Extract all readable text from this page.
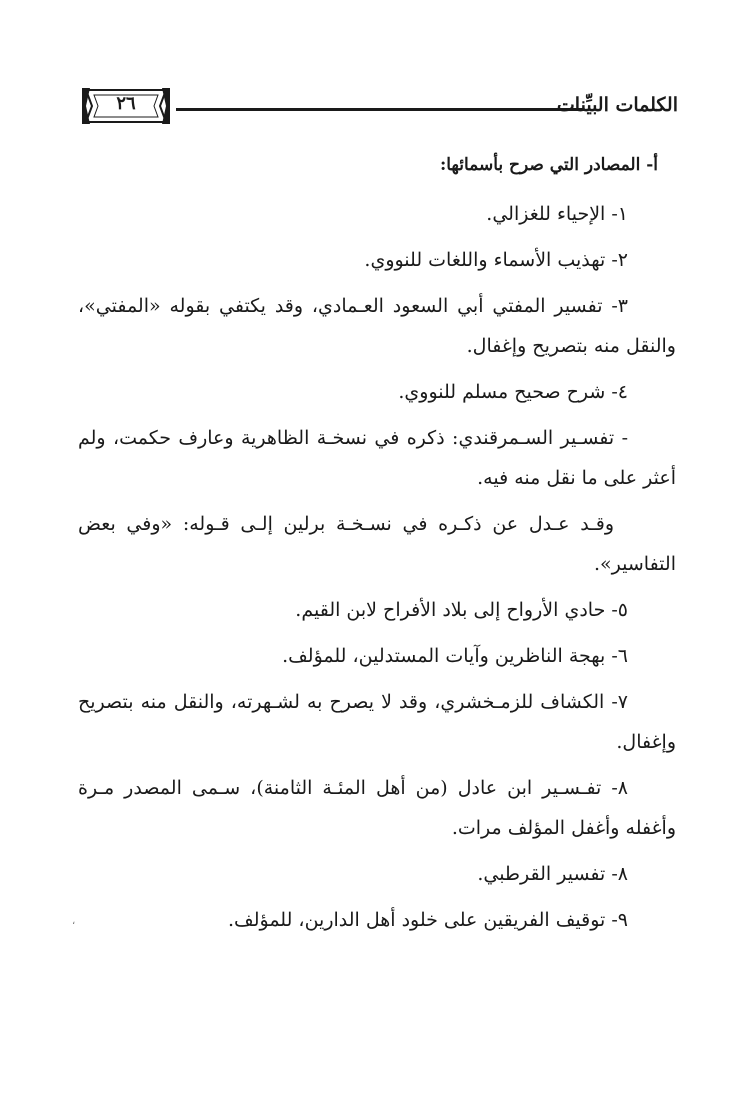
٢٦	الكلمات البيِّنات
أ- المصادر التي صرح بأسمائها:

١- الإحياء للغزالي.

٢- تهذيب الأسماء واللغات للنووي.

٣- تفسير المفتي أبي السعود العـمادي، وقد يكتفي بقوله «المفتي»، والنقل منه بتصريح وإغفال.

٤- شرح صحيح مسلم للنووي.

- تفسـير السـمرقندي: ذكره في نسخـة الظاهرية وعارف حكمت، ولم أعثر على ما نقل منه فيه.

وقـد عـدل عن ذكـره في نسـخـة برلين إلـى قـوله: «وفي بعض التفاسير».

٥- حادي الأرواح إلى بلاد الأفراح لابن القيم.

٦- بهجة الناظرين وآيات المستدلين، للمؤلف.

٧- الكشاف للزمـخشري، وقد لا يصرح به لشـهرته، والنقل منه بتصريح وإغفال.

٨- تفـسـير ابن عادل (من أهل المئـة الثامنة)، سـمى المصدر مـرة وأغفله وأغفل المؤلف مرات.

٨- تفسير القرطبي.

٩- توقيف الفريقين على خلود أهل الدارين، للمؤلف.

،
